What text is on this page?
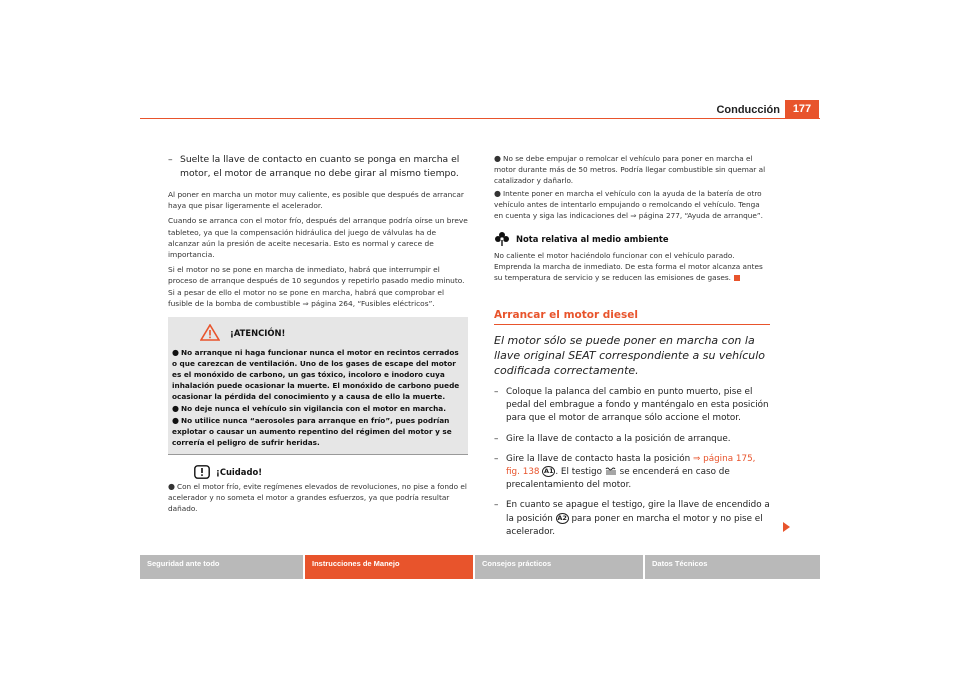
Conducción	177
– Suelte la llave de contacto en cuanto se ponga en marcha el motor, el motor de arranque no debe girar al mismo tiempo.

Al poner en marcha un motor muy caliente, es posible que después de arrancar haya que pisar ligeramente el acelerador.

Cuando se arranca con el motor frío, después del arranque podría oírse un breve tableteo, ya que la compensación hidráulica del juego de válvulas ha de alcanzar aún la presión de aceite necesaria. Esto es normal y carece de importancia.

Si el motor no se pone en marcha de inmediato, habrá que interrumpir el proceso de arranque después de 10 segundos y repetirlo pasado medio minuto. Si a pesar de ello el motor no se pone en marcha, habrá que comprobar el fusible de la bomba de combustible ⇒ página 264, “Fusibles eléctricos”.

¡ATENCIÓN!
● No arranque ni haga funcionar nunca el motor en recintos cerrados o que carezcan de ventilación. Uno de los gases de escape del motor es el monóxido de carbono, un gas tóxico, incoloro e inodoro cuya inhalación puede ocasionar la muerte. El monóxido de carbono puede ocasionar la pérdida del conocimiento y a causa de ello la muerte.
● No deje nunca el vehículo sin vigilancia con el motor en marcha.
● No utilice nunca “aerosoles para arranque en frío”, pues podrían explotar o causar un aumento repentino del régimen del motor y se correría el peligro de sufrir heridas.
¡Cuidado!
● Con el motor frío, evite regímenes elevados de revoluciones, no pise a fondo el acelerador y no someta el motor a grandes esfuerzos, ya que podría resultar dañado.
● No se debe empujar o remolcar el vehículo para poner en marcha el motor durante más de 50 metros. Podría llegar combustible sin quemar al catalizador y dañarlo.
● Intente poner en marcha el vehículo con la ayuda de la batería de otro vehículo antes de intentarlo empujando o remolcando el vehículo. Tenga en cuenta y siga las indicaciones del ⇒ página 277, “Ayuda de arranque”.
Nota relativa al medio ambiente
No caliente el motor haciéndolo funcionar con el vehículo parado. Emprenda la marcha de inmediato. De esta forma el motor alcanza antes su temperatura de servicio y se reducen las emisiones de gases.
Arrancar el motor diesel

El motor sólo se puede poner en marcha con la llave original SEAT correspondiente a su vehículo codificada correctamente.

– Coloque la palanca del cambio en punto muerto, pise el pedal del embrague a fondo y manténgalo en esta posición para que el motor de arranque sólo accione el motor.
– Gire la llave de contacto a la posición de arranque.
– Gire la llave de contacto hasta la posición ⇒ página 175, fig. 138 A1 . El testigo  se encenderá en caso de precalentamiento del motor.
– En cuanto se apague el testigo, gire la llave de encendido a la posición A2 para poner en marcha el motor y no pise el acelerador.
Seguridad ante todo	Instrucciones de Manejo	Consejos prácticos	Datos Técnicos
